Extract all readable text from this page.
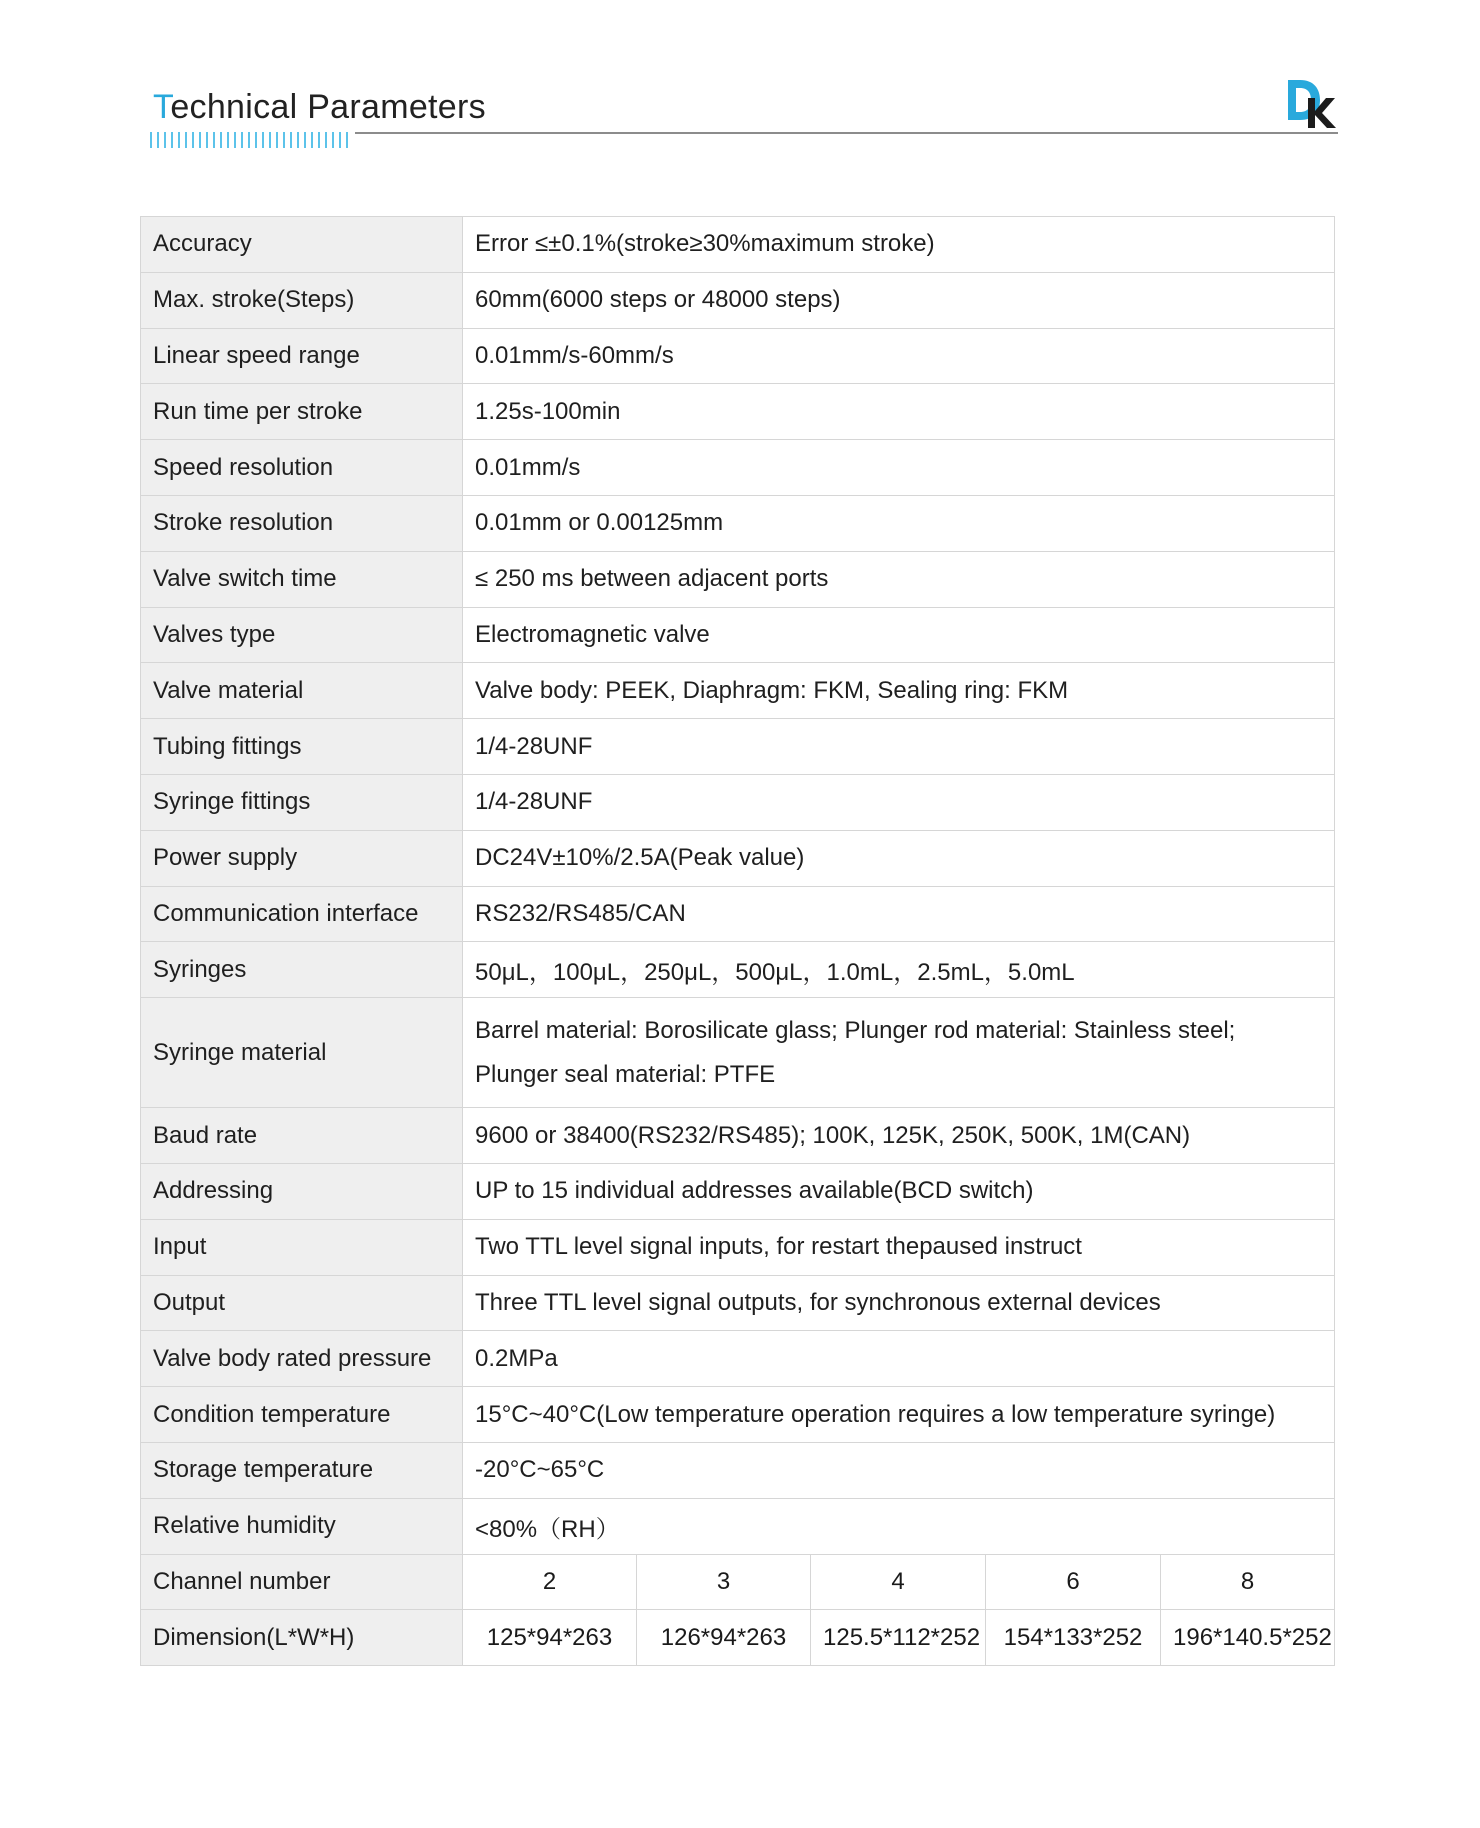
Technical Parameters
Accuracy	Error ≤±0.1%(stroke≥30%maximum stroke)				
Max. stroke(Steps)	60mm(6000 steps or 48000 steps)				
Linear speed range	0.01mm/s-60mm/s				
Run time per stroke	1.25s-100min				
Speed resolution	0.01mm/s				
Stroke resolution	0.01mm or 0.00125mm				
Valve switch time	≤ 250 ms between adjacent ports				
Valves type	Electromagnetic valve				
Valve material	Valve body: PEEK, Diaphragm: FKM, Sealing ring: FKM				
Tubing fittings	1/4-28UNF				
Syringe fittings	1/4-28UNF				
Power supply	DC24V±10%/2.5A(Peak value)				
Communication interface	RS232/RS485/CAN				
Syringes	50μL，100μL，250μL，500μL，1.0mL，2.5mL，5.0mL				
Syringe material	Barrel material: Borosilicate glass; Plunger rod material: Stainless steel;
Plunger seal material: PTFE				

Baud rate	9600 or 38400(RS232/RS485); 100K, 125K, 250K, 500K, 1M(CAN)				
Addressing	UP to 15 individual addresses available(BCD switch)				
Input	Two TTL level signal inputs, for restart thepaused instruct				
Output	Three TTL level signal outputs, for synchronous external devices				
Valve body rated pressure	0.2MPa				
Condition temperature	15°C~40°C(Low temperature operation requires a low temperature syringe)				
Storage temperature	-20°C~65°C				
Relative humidity	<80%（RH）				
Channel number	2	3	4	6	8
Dimension(L*W*H)	125*94*263	126*94*263	125.5*112*252	154*133*252	196*140.5*252
